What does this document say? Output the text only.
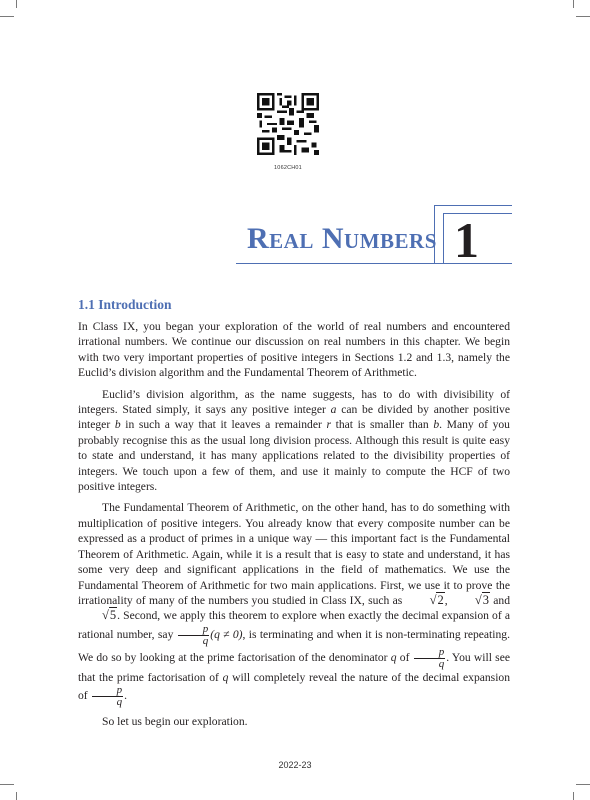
1062CH01
REAL NUMBERS 1
1.1 Introduction

In Class IX, you began your exploration of the world of real numbers and encountered irrational numbers. We continue our discussion on real numbers in this chapter. We begin with two very important properties of positive integers in Sections 1.2 and 1.3, namely the Euclid’s division algorithm and the Fundamental Theorem of Arithmetic.

Euclid’s division algorithm, as the name suggests, has to do with divisibility of integers. Stated simply, it says any positive integer a can be divided by another positive integer b in such a way that it leaves a remainder r that is smaller than b. Many of you probably recognise this as the usual long division process. Although this result is quite easy to state and understand, it has many applications related to the divisibility properties of integers. We touch upon a few of them, and use it mainly to compute the HCF of two positive integers.

The Fundamental Theorem of Arithmetic, on the other hand, has to do something with multiplication of positive integers. You already know that every composite number can be expressed as a product of primes in a unique way — this important fact is the Fundamental Theorem of Arithmetic. Again, while it is a result that is easy to state and understand, it has some very deep and significant applications in the field of mathematics. We use the Fundamental Theorem of Arithmetic for two main applications. First, we use it to prove the irrationality of many of the numbers you studied in Class IX, such as √2, √3 and √5. Second, we apply this theorem to explore when exactly the decimal expansion of a rational number, say $\frac{p}{q} (q \ne 0)$, is terminating and when it is non-terminating repeating. We do so by looking at the prime factorisation of the denominator q of $\frac{p}{q}$ . You will see that the prime factorisation of q will completely reveal the nature of the decimal expansion of $\frac{p}{q}$ .

So let us begin our exploration.

2022-23
